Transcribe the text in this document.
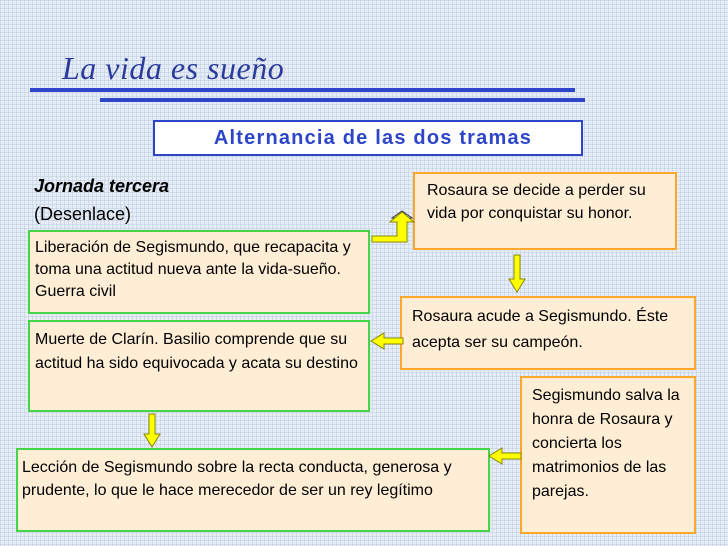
La vida es sueño
Alternancia de las dos tramas
Jornada tercera
(Desenlace)
Liberación de Segismundo, que recapacita y toma una actitud nueva ante la vida-sueño. Guerra civil
Muerte de Clarín. Basilio comprende que su actitud ha sido equivocada y acata su destino
Lección de Segismundo sobre la recta conducta, generosa y prudente, lo que le hace merecedor de ser un rey legítimo
Rosaura se decide a perder su vida por conquistar su honor.
Rosaura acude a Segismundo. Éste acepta ser su campeón.
Segismundo salva la honra de Rosaura y concierta los matrimonios de las parejas.
